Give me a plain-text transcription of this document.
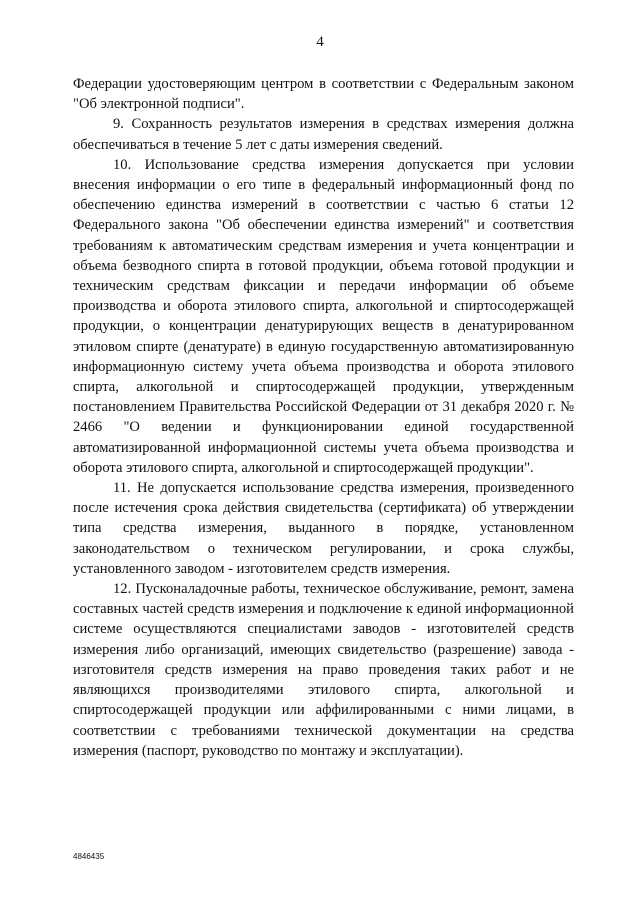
4

Федерации удостоверяющим центром в соответствии с Федеральным законом "Об электронной подписи".

9. Сохранность результатов измерения в средствах измерения должна обеспечиваться в течение 5 лет с даты измерения сведений.

10. Использование средства измерения допускается при условии внесения информации о его типе в федеральный информационный фонд по обеспечению единства измерений в соответствии с частью 6 статьи 12 Федерального закона "Об обеспечении единства измерений" и соответствия требованиям к автоматическим средствам измерения и учета концентрации и объема безводного спирта в готовой продукции, объема готовой продукции и техническим средствам фиксации и передачи информации об объеме производства и оборота этилового спирта, алкогольной и спиртосодержащей продукции, о концентрации денатурирующих веществ в денатурированном этиловом спирте (денатурате) в единую государственную автоматизированную информационную систему учета объема производства и оборота этилового спирта, алкогольной и спиртосодержащей продукции, утвержденным постановлением Правительства Российской Федерации от 31 декабря 2020 г. № 2466 "О ведении и функционировании единой государственной автоматизированной информационной системы учета объема производства и оборота этилового спирта, алкогольной и спиртосодержащей продукции".

11. Не допускается использование средства измерения, произведенного после истечения срока действия свидетельства (сертификата) об утверждении типа средства измерения, выданного в порядке, установленном законодательством о техническом регулировании, и срока службы, установленного заводом - изготовителем средств измерения.

12. Пусконаладочные работы, техническое обслуживание, ремонт, замена составных частей средств измерения и подключение к единой информационной системе осуществляются специалистами заводов - изготовителей средств измерения либо организаций, имеющих свидетельство (разрешение) завода - изготовителя средств измерения на право проведения таких работ и не являющихся производителями этилового спирта, алкогольной и спиртосодержащей продукции или аффилированными с ними лицами, в соответствии с требованиями технической документации на средства измерения (паспорт, руководство по монтажу и эксплуатации).

4846435
